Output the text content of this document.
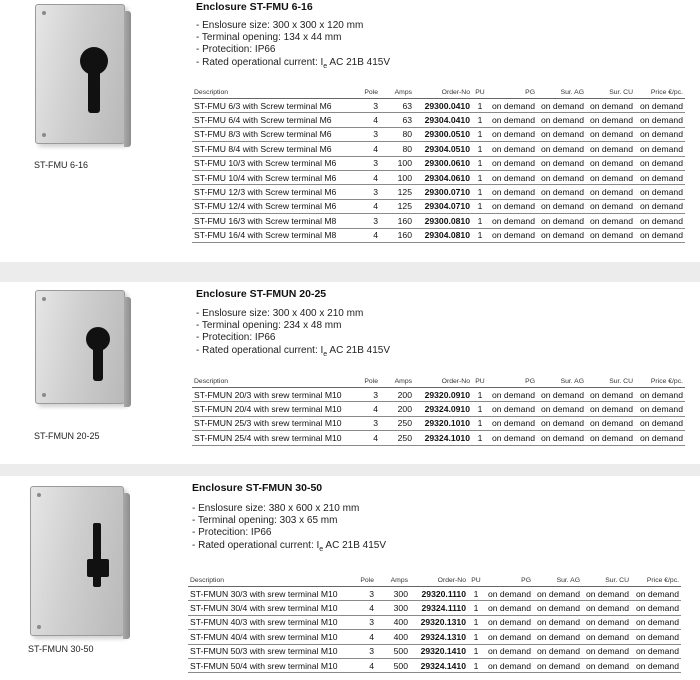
ST-FMU 6-16
Enclosure ST-FMU 6-16
- Enslosure size: 300 x 300 x 120 mm
- Terminal opening: 134 x 44 mm
- Protecition: IP66
- Rated operational current: $I_e$ AC 21B 415V
Description	Pole	Amps	Order-No	PU	PG	Sur. AG	Sur. CU	Price €/pc.
ST-FMU 6/3 with Screw terminal M6	3	63	29300.0410	1	on demand	on demand	on demand	on demand
ST-FMU 6/4 with Screw terminal M6	4	63	29304.0410	1	on demand	on demand	on demand	on demand
ST-FMU 8/3 with Screw terminal M6	3	80	29300.0510	1	on demand	on demand	on demand	on demand
ST-FMU 8/4 with Screw terminal M6	4	80	29304.0510	1	on demand	on demand	on demand	on demand
ST-FMU 10/3 with Screw terminal M6	3	100	29300.0610	1	on demand	on demand	on demand	on demand
ST-FMU 10/4 with Screw terminal M6	4	100	29304.0610	1	on demand	on demand	on demand	on demand
ST-FMU 12/3 with Screw terminal M6	3	125	29300.0710	1	on demand	on demand	on demand	on demand
ST-FMU 12/4 with Screw terminal M6	4	125	29304.0710	1	on demand	on demand	on demand	on demand
ST-FMU 16/3 with Screw terminal M8	3	160	29300.0810	1	on demand	on demand	on demand	on demand
ST-FMU 16/4 with Screw terminal M8	4	160	29304.0810	1	on demand	on demand	on demand	on demand
ST-FMUN 20-25
Enclosure ST-FMUN 20-25
- Enslosure size: 300 x 400 x 210 mm
- Terminal opening: 234 x 48 mm
- Protecition: IP66
- Rated operational current: $I_e$ AC 21B 415V
Description	Pole	Amps	Order-No	PU	PG	Sur. AG	Sur. CU	Price €/pc.
ST-FMUN 20/3 with srew terminal M10	3	200	29320.0910	1	on demand	on demand	on demand	on demand
ST-FMUN 20/4 with srew terminal M10	4	200	29324.0910	1	on demand	on demand	on demand	on demand
ST-FMUN 25/3 with srew terminal M10	3	250	29320.1010	1	on demand	on demand	on demand	on demand
ST-FMUN 25/4 with srew terminal M10	4	250	29324.1010	1	on demand	on demand	on demand	on demand
ST-FMUN 30-50
Enclosure ST-FMUN 30-50
- Enslosure size: 380 x 600 x 210 mm
- Terminal opening: 303 x 65 mm
- Protecition: IP66
- Rated operational current: $I_e$ AC 21B 415V
Description	Pole	Amps	Order-No	PU	PG	Sur. AG	Sur. CU	Price €/pc.
ST-FMUN 30/3 with srew terminal M10	3	300	29320.1110	1	on demand	on demand	on demand	on demand
ST-FMUN 30/4 with srew terminal M10	4	300	29324.1110	1	on demand	on demand	on demand	on demand
ST-FMUN 40/3 with srew terminal M10	3	400	29320.1310	1	on demand	on demand	on demand	on demand
ST-FMUN 40/4 with srew terminal M10	4	400	29324.1310	1	on demand	on demand	on demand	on demand
ST-FMUN 50/3 with srew terminal M10	3	500	29320.1410	1	on demand	on demand	on demand	on demand
ST-FMUN 50/4 with srew terminal M10	4	500	29324.1410	1	on demand	on demand	on demand	on demand
